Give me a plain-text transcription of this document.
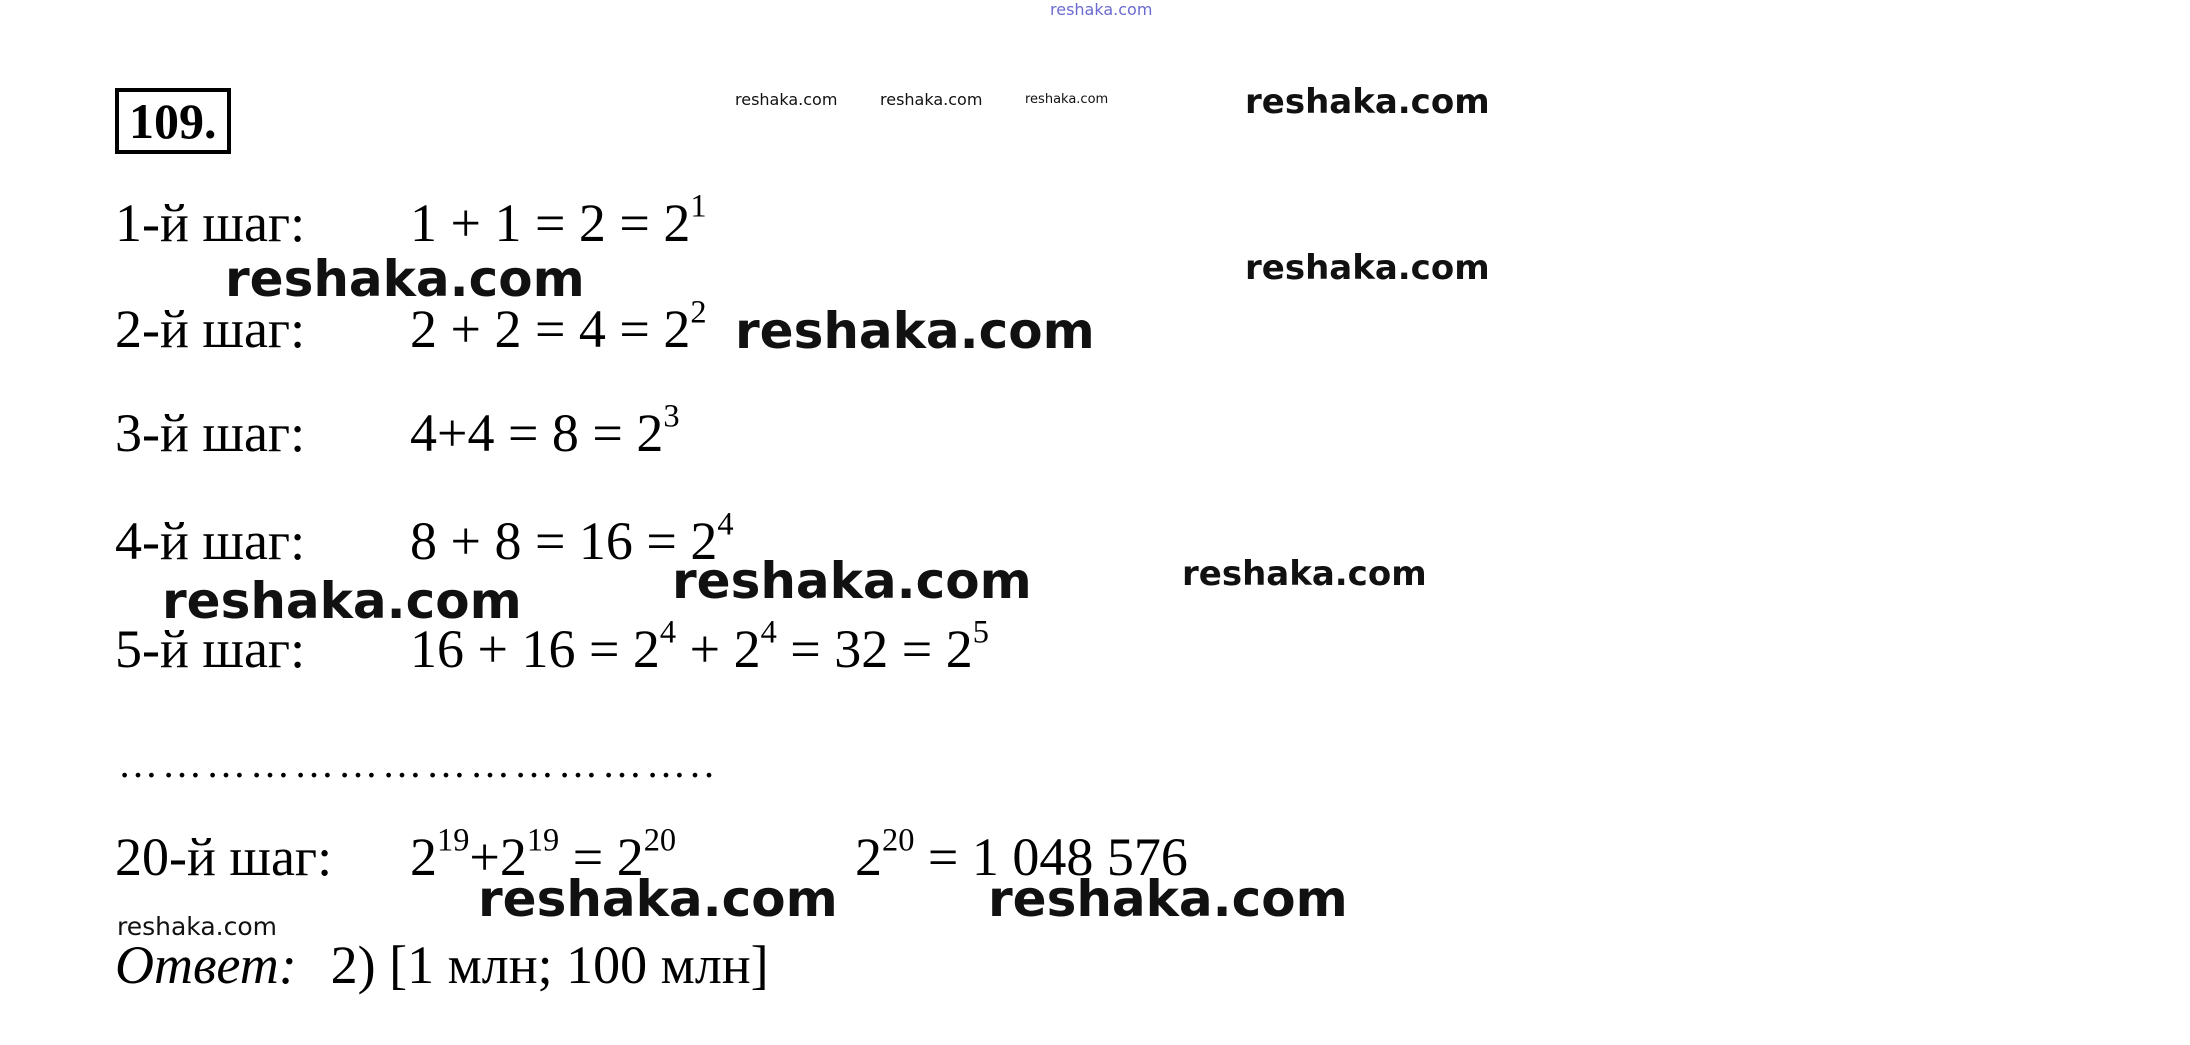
reshaka.com
109.	reshaka.com	reshaka.com	reshaka.com	reshaka.com
1-й шаг: $1 + 1 = 2 = 2^1$
reshaka.com	reshaka.com
2-й шаг: $2 + 2 = 4 = 2^2$ reshaka.com
3-й шаг: $4+4 = 8 = 2^3$
4-й шаг: $8 + 8 = 16 = 2^4$
reshaka.com	reshaka.com
reshaka.com
5-й шаг: $16 + 16 = 2^4 + 2^4 = 32 = 2^5$
…………………………………..
20-й шаг: $2^{19}+2^{19} = 2^{20}$	$2^{20} = 1$ 048 576
reshaka.com	reshaka.com
reshaka.com
Ответ: 2) [1 млн; 100 млн]
